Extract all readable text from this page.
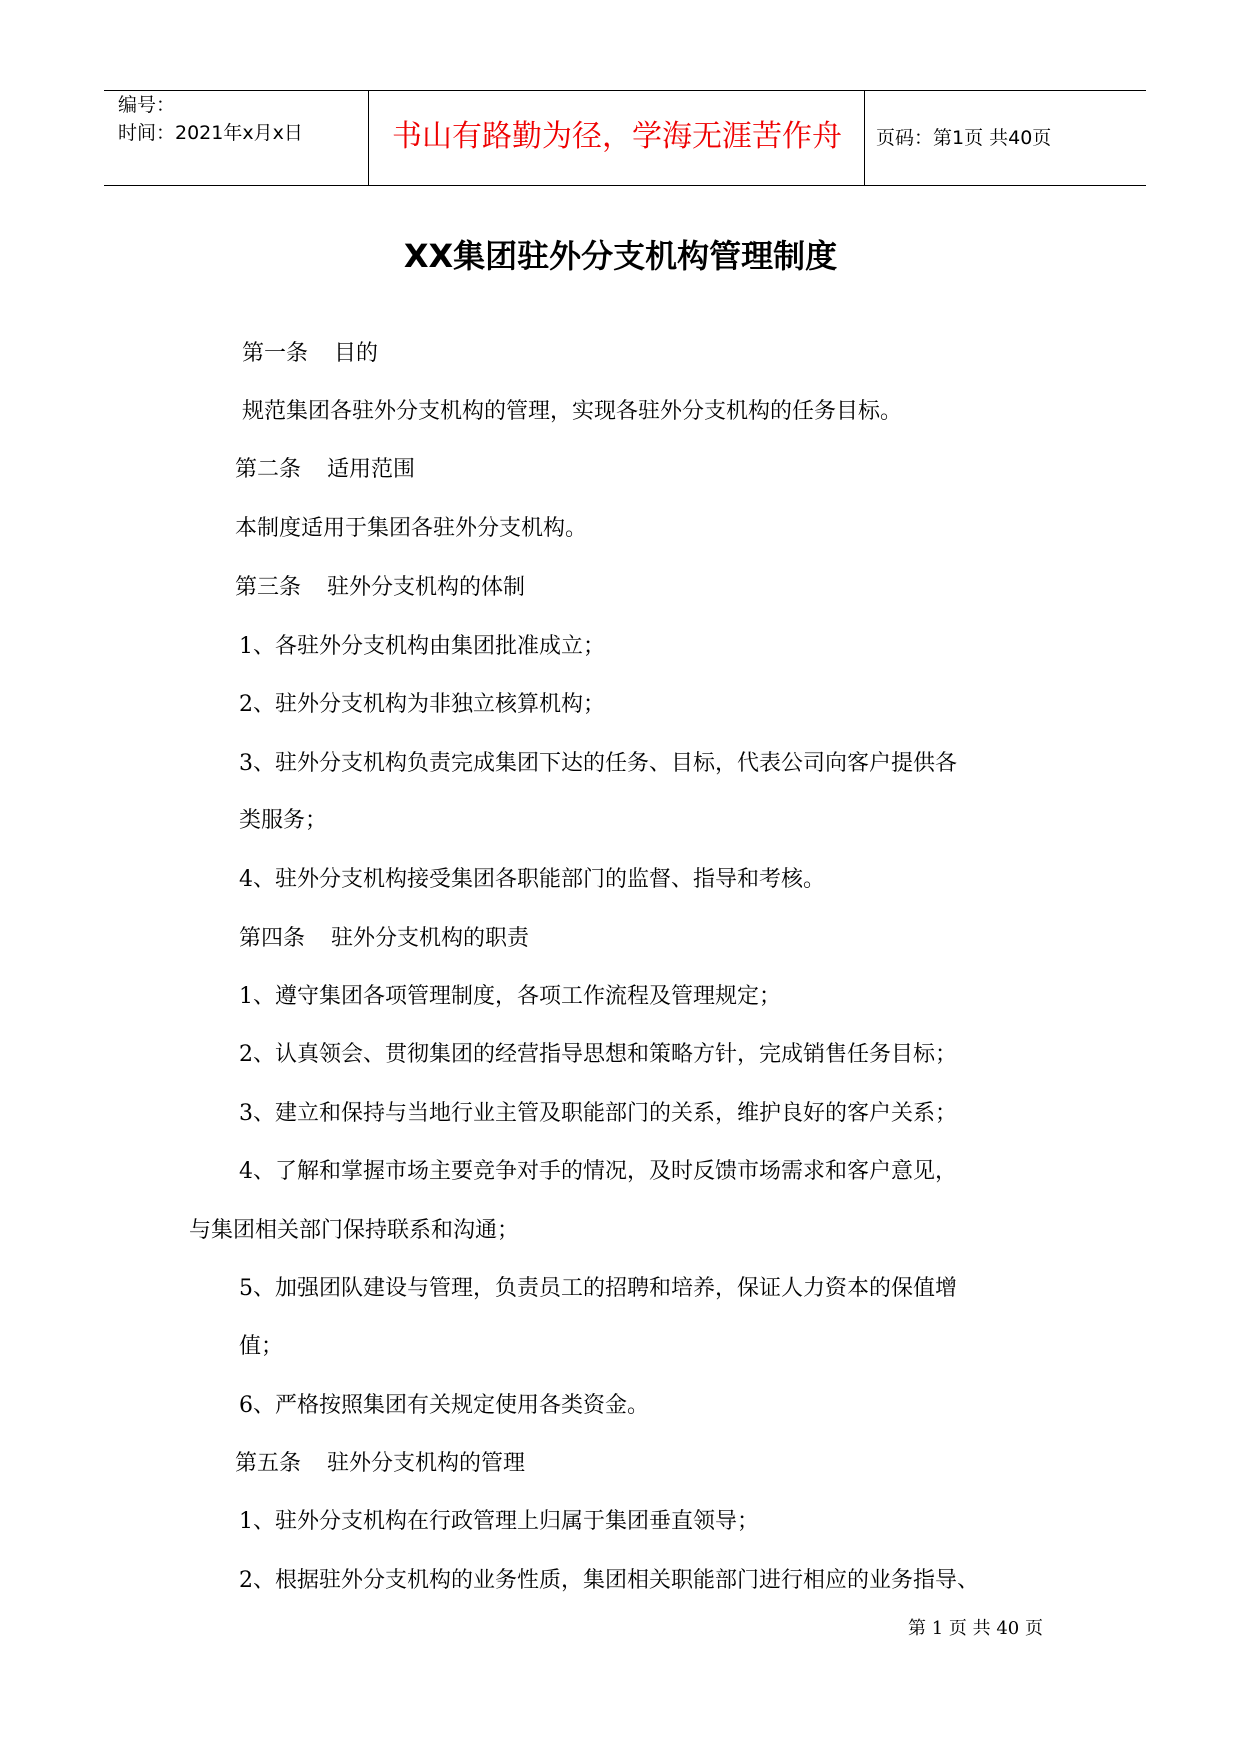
编号：
时间：2021年x月x日	书山有路勤为径，学海无涯苦作舟	页码：第1页 共40页
XX集团驻外分支机构管理制度
第一条 目的
规范集团各驻外分支机构的管理，实现各驻外分支机构的任务目标。
第二条 适用范围
本制度适用于集团各驻外分支机构。
第三条 驻外分支机构的体制
1、各驻外分支机构由集团批准成立；
2、驻外分支机构为非独立核算机构；
3、驻外分支机构负责完成集团下达的任务、目标，代表公司向客户提供各
类服务；
4、驻外分支机构接受集团各职能部门的监督、指导和考核。
第四条 驻外分支机构的职责
1、遵守集团各项管理制度，各项工作流程及管理规定；
2、认真领会、贯彻集团的经营指导思想和策略方针，完成销售任务目标；
3、建立和保持与当地行业主管及职能部门的关系，维护良好的客户关系；
4、了解和掌握市场主要竞争对手的情况，及时反馈市场需求和客户意见，
与集团相关部门保持联系和沟通；
5、加强团队建设与管理，负责员工的招聘和培养，保证人力资本的保值增
值；
6、严格按照集团有关规定使用各类资金。
第五条 驻外分支机构的管理
1、驻外分支机构在行政管理上归属于集团垂直领导；
2、根据驻外分支机构的业务性质，集团相关职能部门进行相应的业务指导、
第 1 页 共 40 页
